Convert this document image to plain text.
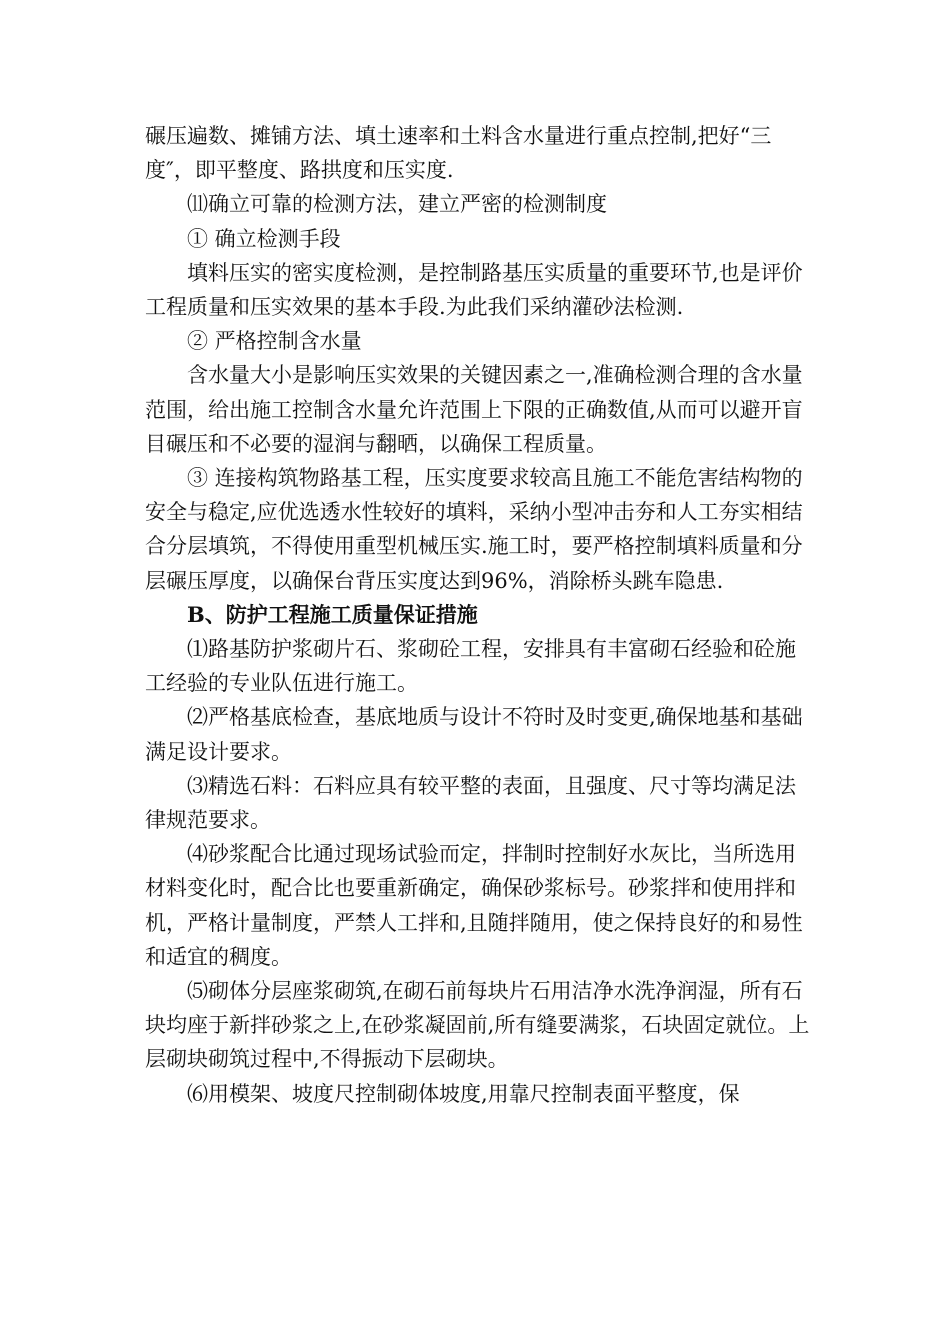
碾压遍数、摊铺方法、填土速率和土料含水量进行重点控制,把好“三度″，即平整度、路拱度和压实度.

⑾确立可靠的检测方法，建立严密的检测制度

① 确立检测手段

填料压实的密实度检测，是控制路基压实质量的重要环节,也是评价工程质量和压实效果的基本手段.为此我们采纳灌砂法检测.

② 严格控制含水量

含水量大小是影响压实效果的关键因素之一,准确检测合理的含水量范围，给出施工控制含水量允许范围上下限的正确数值,从而可以避开盲目碾压和不必要的湿润与翻晒，以确保工程质量。

③ 连接构筑物路基工程，压实度要求较高且施工不能危害结构物的安全与稳定,应优选透水性较好的填料，采纳小型冲击夯和人工夯实相结合分层填筑，不得使用重型机械压实.施工时，要严格控制填料质量和分层碾压厚度，以确保台背压实度达到96%，消除桥头跳车隐患.

B、防护工程施工质量保证措施

⑴路基防护浆砌片石、浆砌砼工程，安排具有丰富砌石经验和砼施工经验的专业队伍进行施工。

⑵严格基底检查，基底地质与设计不符时及时变更,确保地基和基础满足设计要求。

⑶精选石料：石料应具有较平整的表面，且强度、尺寸等均满足法律规范要求。

⑷砂浆配合比通过现场试验而定，拌制时控制好水灰比，当所选用材料变化时，配合比也要重新确定，确保砂浆标号。砂浆拌和使用拌和机，严格计量制度，严禁人工拌和,且随拌随用，使之保持良好的和易性和适宜的稠度。

⑸砌体分层座浆砌筑,在砌石前每块片石用洁净水洗净润湿，所有石块均座于新拌砂浆之上,在砂浆凝固前,所有缝要满浆，石块固定就位。上层砌块砌筑过程中,不得振动下层砌块。

⑹用模架、坡度尺控制砌体坡度,用靠尺控制表面平整度，保
